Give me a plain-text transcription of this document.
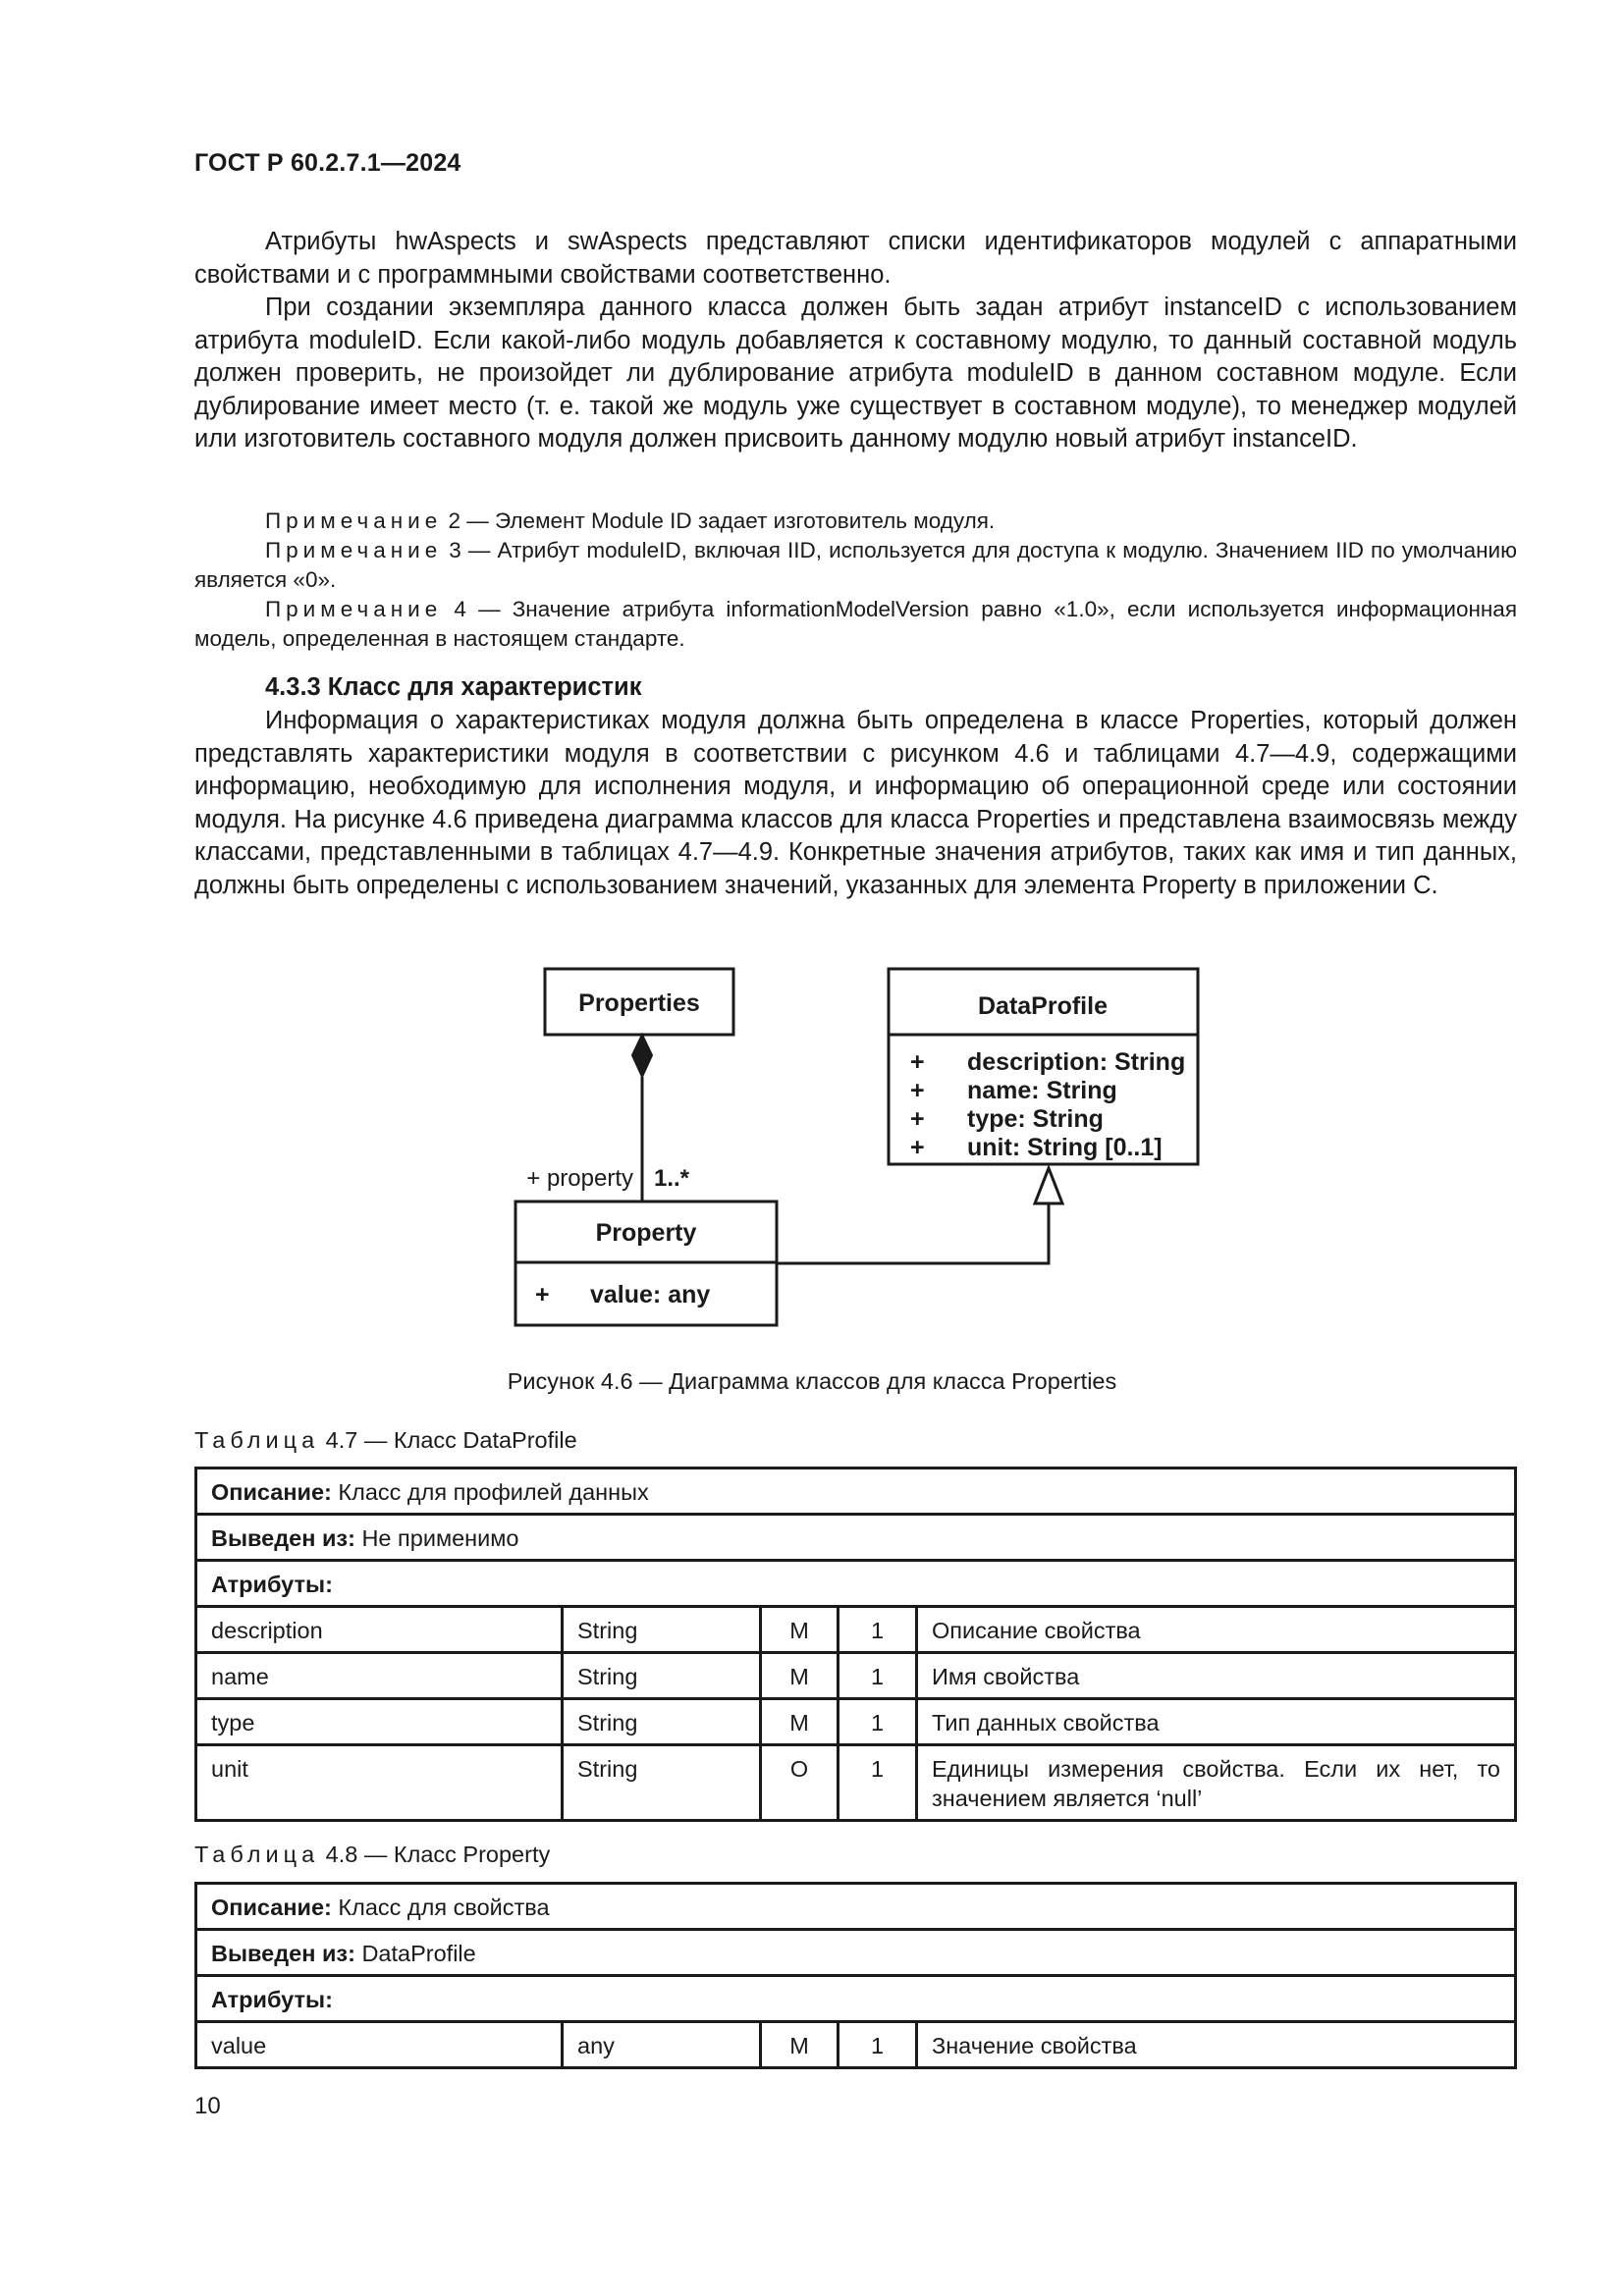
ГОСТ Р 60.2.7.1—2024

Атрибуты hwAspects и swAspects представляют списки идентификаторов модулей с аппаратными свойствами и с программными свойствами соответственно.

При создании экземпляра данного класса должен быть задан атрибут instanceID с использованием атрибута moduleID. Если какой-либо модуль добавляется к составному модулю, то данный составной модуль должен проверить, не произойдет ли дублирование атрибута moduleID в данном составном модуле. Если дублирование имеет место (т. е. такой же модуль уже существует в составном модуле), то менеджер модулей или изготовитель составного модуля должен присвоить данному модулю новый атрибут instanceID.

Примечание 2 — Элемент Module ID задает изготовитель модуля.

Примечание 3 — Атрибут moduleID, включая IID, используется для доступа к модулю. Значением IID по умолчанию является «0».

Примечание 4 — Значение атрибута informationModelVersion равно «1.0», если используется информационная модель, определенная в настоящем стандарте.

4.3.3 Класс для характеристик

Информация о характеристиках модуля должна быть определена в классе Properties, который должен представлять характеристики модуля в соответствии с рисунком 4.6 и таблицами 4.7—4.9, содержащими информацию, необходимую для исполнения модуля, и информацию об операционной среде или состоянии модуля. На рисунке 4.6 приведена диаграмма классов для класса Properties и представлена взаимосвязь между классами, представленными в таблицах 4.7—4.9. Конкретные значения атрибутов, таких как имя и тип данных, должны быть определены с использованием значений, указанных для элемента Property в приложении C.

Properties	DataProfile
+ description: String
+ name: String
+ type: String
+ unit: String [0..1]
Property
+ value: any
+ property 1..*
Рисунок 4.6 — Диаграмма классов для класса Properties
Таблица 4.7 — Класс DataProfile
Описание: Класс для профилей данных				
Выведен из: Не применимо				
Атрибуты:				
description	String	M	1	Описание свойства
name	String	M	1	Имя свойства
type	String	M	1	Тип данных свойства
unit	String	O	1	Единицы измерения свойства. Если их нет, то значением является ‘null’
Таблица 4.8 — Класс Property
Описание: Класс для свойства
Выведен из: DataProfile
Атрибуты:
value	any	M	1	Значение свойства
10
